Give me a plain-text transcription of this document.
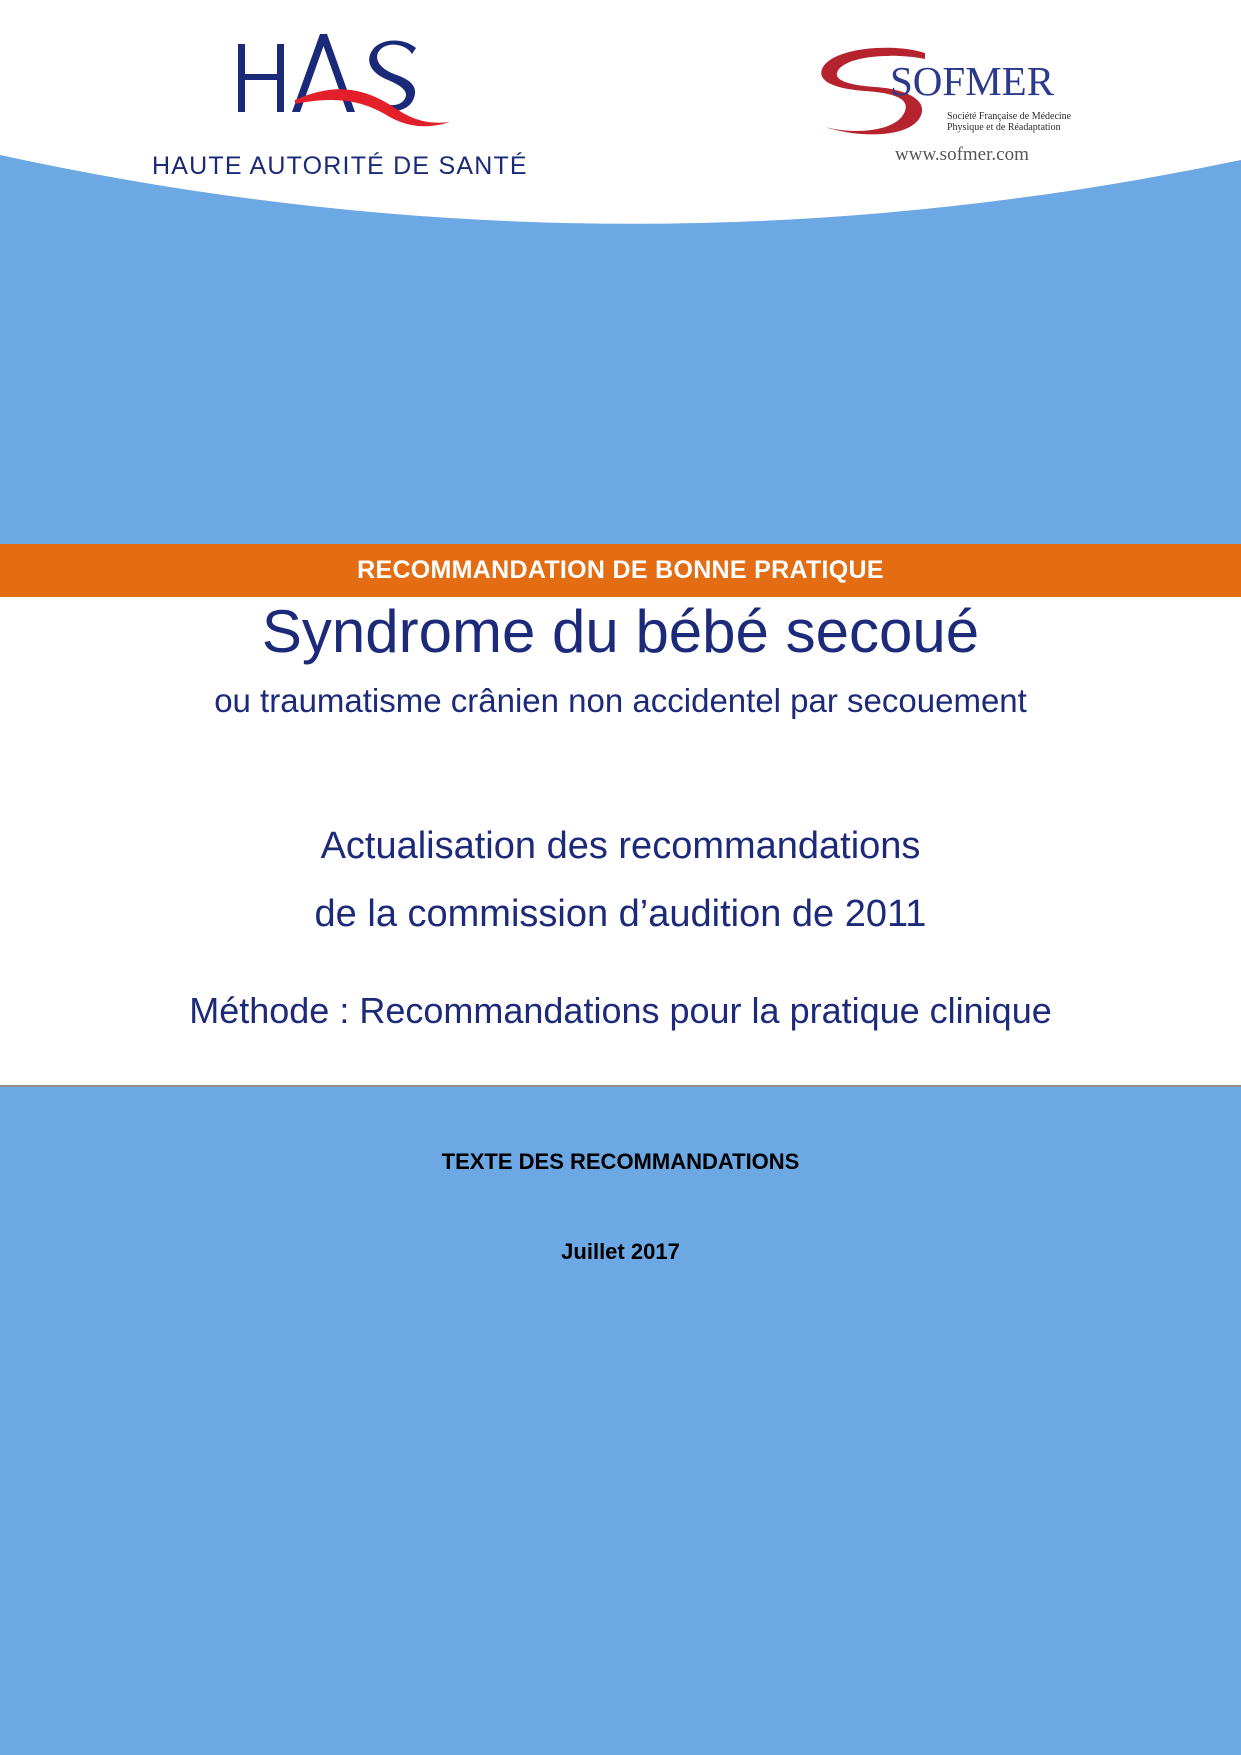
HAUTE AUTORITÉ DE SANTÉ
SOFMER
Société Française de Médecine
Physique et de Réadaptation
www.sofmer.com
RECOMMANDATION DE BONNE PRATIQUE
Syndrome du bébé secoué
ou traumatisme crânien non accidentel par secouement
Actualisation des recommandations
de la commission d’audition de 2011
Méthode : Recommandations pour la pratique clinique
TEXTE DES RECOMMANDATIONS
Juillet 2017
